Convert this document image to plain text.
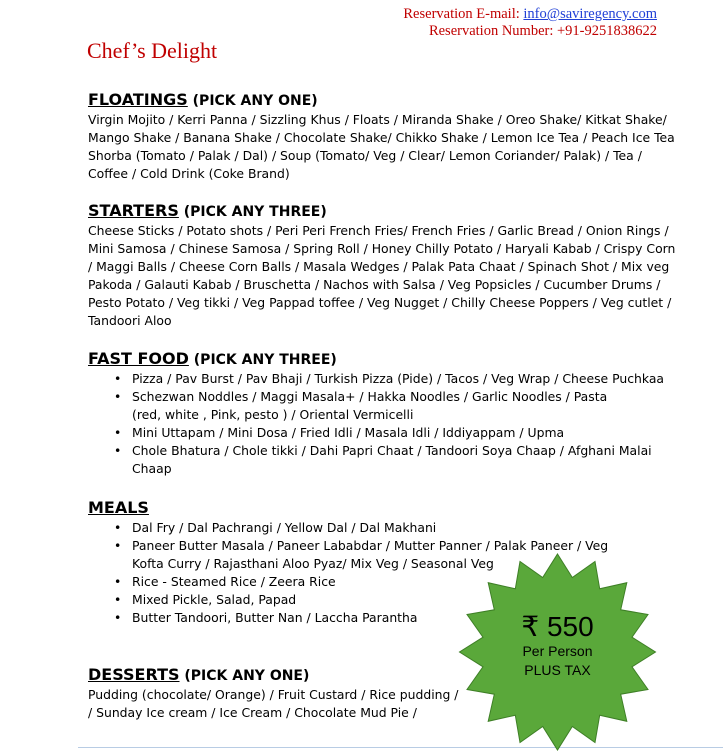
Reservation E-mail: info@saviregency.com
Reservation Number: +91-9251838622
Chef’s Delight

FLOATINGS (PICK ANY ONE)

Virgin Mojito / Kerri Panna / Sizzling Khus / Floats / Miranda Shake / Oreo Shake/ Kitkat Shake/
Mango Shake / Banana Shake / Chocolate Shake/ Chikko Shake / Lemon Ice Tea / Peach Ice Tea
Shorba (Tomato / Palak / Dal) / Soup (Tomato/ Veg / Clear/ Lemon Coriander/ Palak) / Tea /
Coffee / Cold Drink (Coke Brand)

STARTERS (PICK ANY THREE)

Cheese Sticks / Potato shots / Peri Peri French Fries/ French Fries / Garlic Bread / Onion Rings /
Mini Samosa / Chinese Samosa / Spring Roll / Honey Chilly Potato / Haryali Kabab / Crispy Corn
/ Maggi Balls / Cheese Corn Balls / Masala Wedges / Palak Pata Chaat / Spinach Shot / Mix veg
Pakoda / Galauti Kabab / Bruschetta / Nachos with Salsa / Veg Popsicles / Cucumber Drums /
Pesto Potato / Veg tikki / Veg Pappad toffee / Veg Nugget / Chilly Cheese Poppers / Veg cutlet /
Tandoori Aloo

FAST FOOD (PICK ANY THREE)

• Pizza / Pav Burst / Pav Bhaji / Turkish Pizza (Pide) / Tacos / Veg Wrap / Cheese Puchkaa
• Schezwan Noddles / Maggi Masala+ / Hakka Noodles / Garlic Noodles / Pasta (red, white , Pink, pesto ) / Oriental Vermicelli
• Mini Uttapam / Mini Dosa / Fried Idli / Masala Idli / Iddiyappam / Upma
• Chole Bhatura / Chole tikki / Dahi Papri Chaat / Tandoori Soya Chaap / Afghani Malai Chaap

MEALS

• Dal Fry / Dal Pachrangi / Yellow Dal / Dal Makhani
• Paneer Butter Masala / Paneer Lababdar / Mutter Panner / Palak Paneer / Veg Kofta Curry / Rajasthani Aloo Pyaz/ Mix Veg / Seasonal Veg
• Rice - Steamed Rice / Zeera Rice
• Mixed Pickle, Salad, Papad
• Butter Tandoori, Butter Nan / Laccha Parantha

DESSERTS (PICK ANY ONE)

Pudding (chocolate/ Orange) / Fruit Custard / Rice pudding /
/ Sunday Ice cream / Ice Cream / Chocolate Mud Pie /
₹ 550
Per Person
PLUS TAX
